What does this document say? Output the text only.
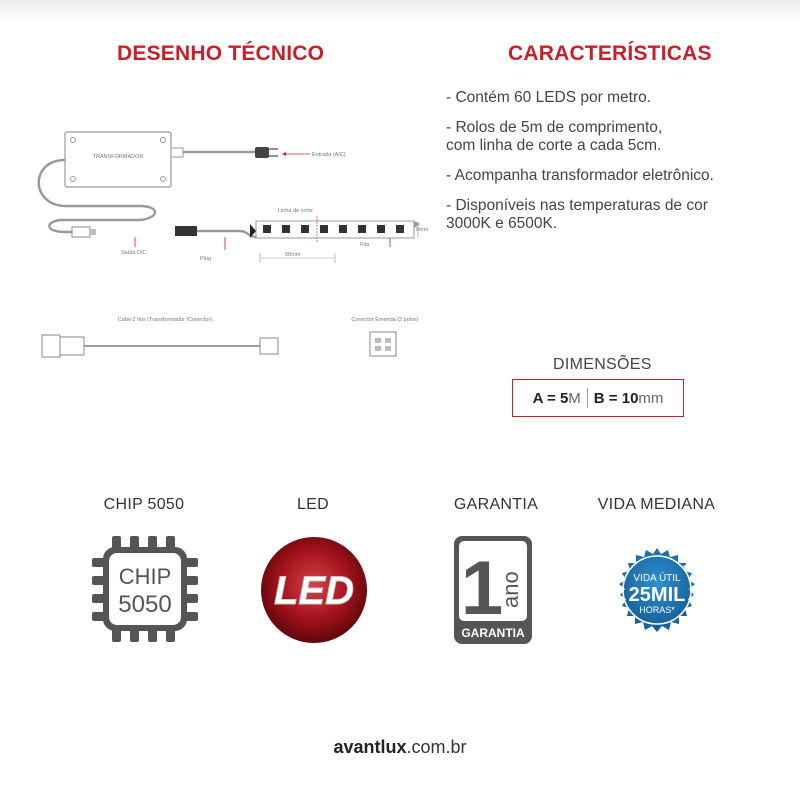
DESENHO TÉCNICO	CARACTERÍSTICAS
- Contém 60 LEDS por metro.
- Rolos de 5m de comprimento,
com linha de corte a cada 5cm.
- Acompanha transformador eletrônico.
- Disponíveis nas temperaturas de cor
3000K e 6500K.
TRANSFORMADOR	Entrada (A/C)
Saída D/C
Plug
Linha de corte
8mm
Fita
50mm
Cabo 2 fios (Transformador /Conector)	Conector Emenda (2 polos)
DIMENSÕES
A = 5 M B = 10 mm
CHIP 5050	LED	GARANTIA	VIDA MEDIANA
CHIP
5050	LED 1
ano
GARANTIA
VIDA ÚTIL
25MIL
HORAS*
avantlux.com.br
